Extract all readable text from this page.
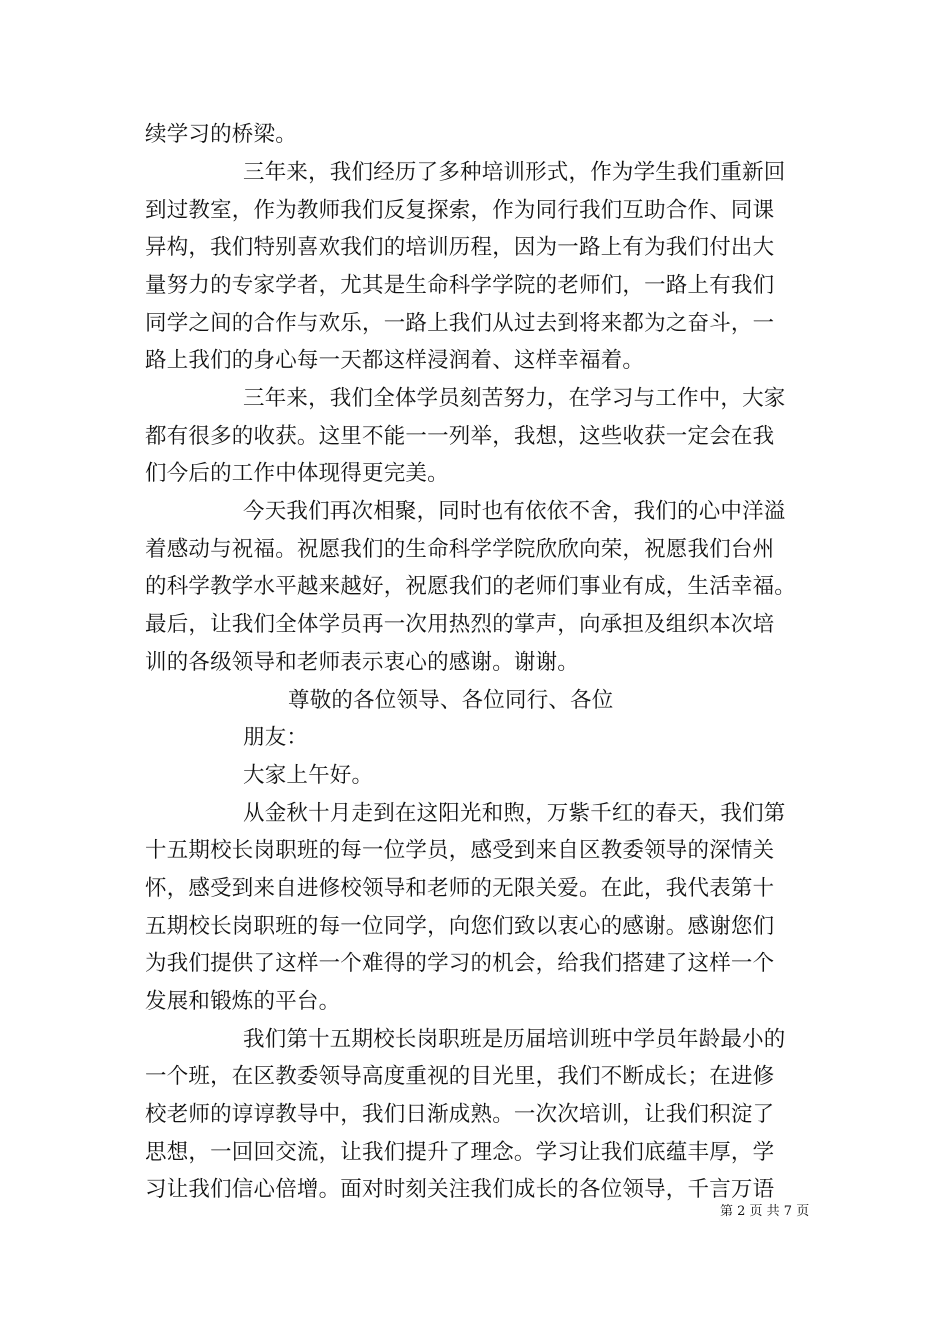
续学习的桥梁。
三年来，我们经历了多种培训形式，作为学生我们重新回
到过教室，作为教师我们反复探索，作为同行我们互助合作、同课
异构，我们特别喜欢我们的培训历程，因为一路上有为我们付出大
量努力的专家学者，尤其是生命科学学院的老师们，一路上有我们
同学之间的合作与欢乐，一路上我们从过去到将来都为之奋斗，一
路上我们的身心每一天都这样浸润着、这样幸福着。
三年来，我们全体学员刻苦努力，在学习与工作中，大家
都有很多的收获。这里不能一一列举，我想，这些收获一定会在我
们今后的工作中体现得更完美。
今天我们再次相聚，同时也有依依不舍，我们的心中洋溢
着感动与祝福。祝愿我们的生命科学学院欣欣向荣，祝愿我们台州
的科学教学水平越来越好，祝愿我们的老师们事业有成，生活幸福。
最后，让我们全体学员再一次用热烈的掌声，向承担及组织本次培
训的各级领导和老师表示衷心的感谢。谢谢。
尊敬的各位领导、各位同行、各位
朋友：
大家上午好。
从金秋十月走到在这阳光和煦，万紫千红的春天，我们第
十五期校长岗职班的每一位学员，感受到来自区教委领导的深情关
怀，感受到来自进修校领导和老师的无限关爱。在此，我代表第十
五期校长岗职班的每一位同学，向您们致以衷心的感谢。感谢您们
为我们提供了这样一个难得的学习的机会，给我们搭建了这样一个
发展和锻炼的平台。
我们第十五期校长岗职班是历届培训班中学员年龄最小的
一个班，在区教委领导高度重视的目光里，我们不断成长；在进修
校老师的谆谆教导中，我们日渐成熟。一次次培训，让我们积淀了
思想，一回回交流，让我们提升了理念。学习让我们底蕴丰厚，学
习让我们信心倍增。面对时刻关注我们成长的各位领导，千言万语
第 2 页 共 7 页
